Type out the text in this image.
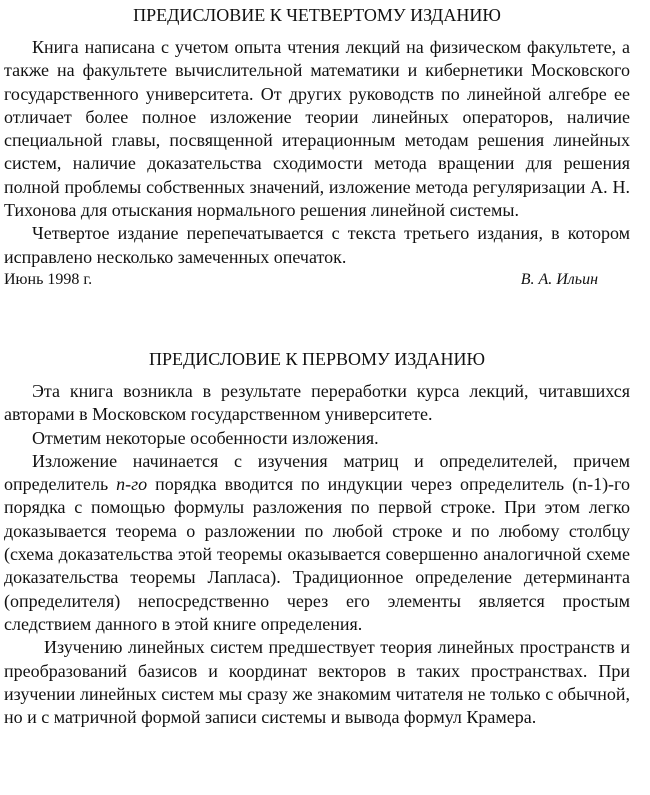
ПРЕДИСЛОВИЕ К ЧЕТВЕРТОМУ ИЗДАНИЮ

Книга написана с учетом опыта чтения лекций на физическом факультете, а также на факультете вычислительной математики и кибернетики Московского государственного университета. От других руководств по линейной алгебре ее отличает более полное изложение теории линейных операторов, наличие специальной главы, посвященной итерационным методам решения линейных систем, наличие доказательства сходимости метода вращении для решения полной проблемы собственных значений, изложение метода регуляризации А. Н. Тихонова для отыскания нормального решения линейной системы.

Четвертое издание перепечатывается с текста третьего издания, в котором исправлено несколько замеченных опечаток.

Июнь 1998 г.	В. А. Ильин
ПРЕДИСЛОВИЕ К ПЕРВОМУ ИЗДАНИЮ

Эта книга возникла в результате переработки курса лекций, читавшихся авторами в Московском государственном университете.

Отметим некоторые особенности изложения.

Изложение начинается с изучения матриц и определителей, причем определитель n-го порядка вводится по индукции через определитель (n-1)-го порядка с помощью формулы разложения по первой строке. При этом легко доказывается теорема о разложении по любой строке и по любому столбцу (схема доказательства этой теоремы оказывается совершенно аналогичной схеме доказательства теоремы Лапласа). Традиционное определение детерминанта (определителя) непосредственно через его элементы является простым следствием данного в этой книге определения.

Изучению линейных систем предшествует теория линейных пространств и преобразований базисов и координат векторов в таких пространствах. При изучении линейных систем мы сразу же знакомим читателя не только с обычной, но и с матричной формой записи системы и вывода формул Крамера.
